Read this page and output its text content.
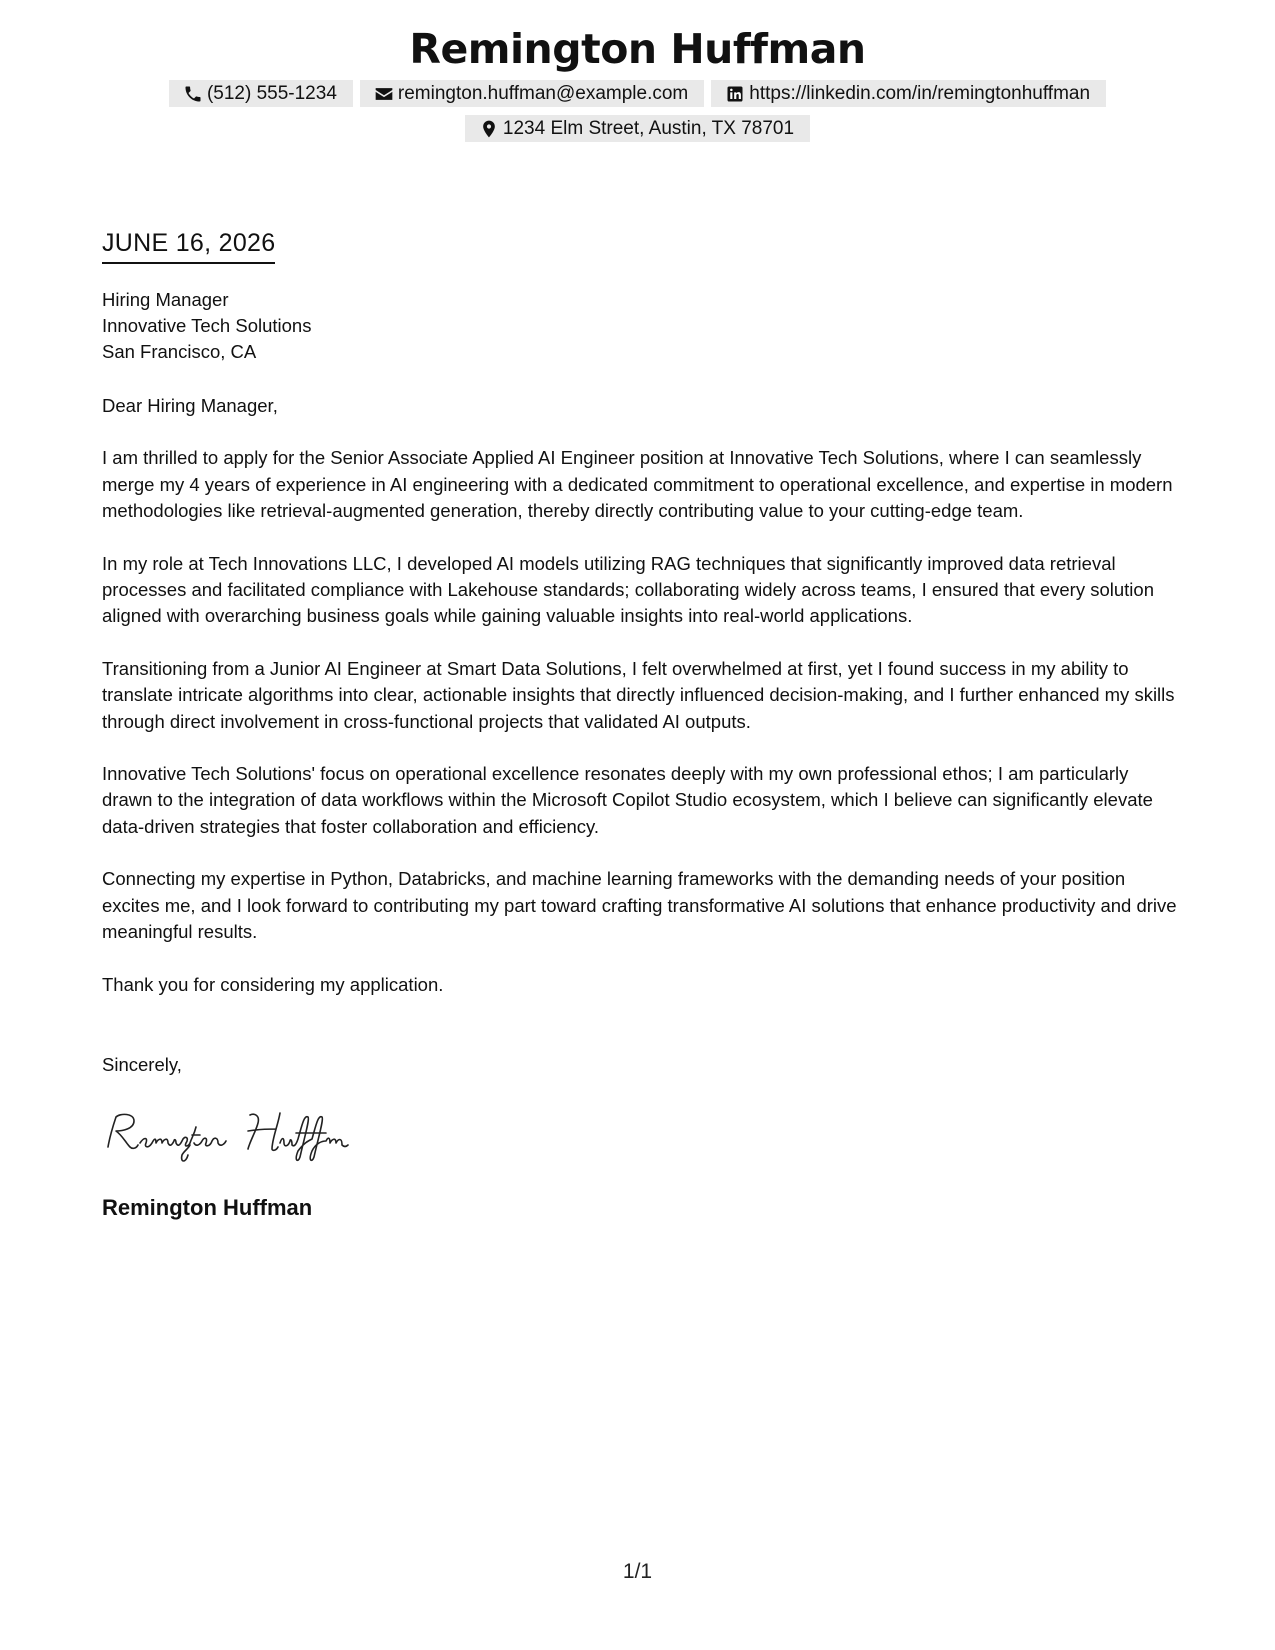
Remington Huffman
(512) 555-1234	remington.huffman@example.com	https://linkedin.com/in/remingtonhuffman
1234 Elm Street, Austin, TX 78701
JUNE 16, 2026
Hiring Manager
Innovative Tech Solutions
San Francisco, CA

Dear Hiring Manager,

I am thrilled to apply for the Senior Associate Applied AI Engineer position at Innovative Tech Solutions, where I can seamlessly merge my 4 years of experience in AI engineering with a dedicated commitment to operational excellence, and expertise in modern methodologies like retrieval-augmented generation, thereby directly contributing value to your cutting-edge team.

In my role at Tech Innovations LLC, I developed AI models utilizing RAG techniques that significantly improved data retrieval processes and facilitated compliance with Lakehouse standards; collaborating widely across teams, I ensured that every solution aligned with overarching business goals while gaining valuable insights into real-world applications.

Transitioning from a Junior AI Engineer at Smart Data Solutions, I felt overwhelmed at first, yet I found success in my ability to translate intricate algorithms into clear, actionable insights that directly influenced decision-making, and I further enhanced my skills through direct involvement in cross-functional projects that validated AI outputs.

Innovative Tech Solutions' focus on operational excellence resonates deeply with my own professional ethos; I am particularly drawn to the integration of data workflows within the Microsoft Copilot Studio ecosystem, which I believe can significantly elevate data-driven strategies that foster collaboration and efficiency.

Connecting my expertise in Python, Databricks, and machine learning frameworks with the demanding needs of your position excites me, and I look forward to contributing my part toward crafting transformative AI solutions that enhance productivity and drive meaningful results.

Thank you for considering my application.

Sincerely,
Remington Huffman
1/1
